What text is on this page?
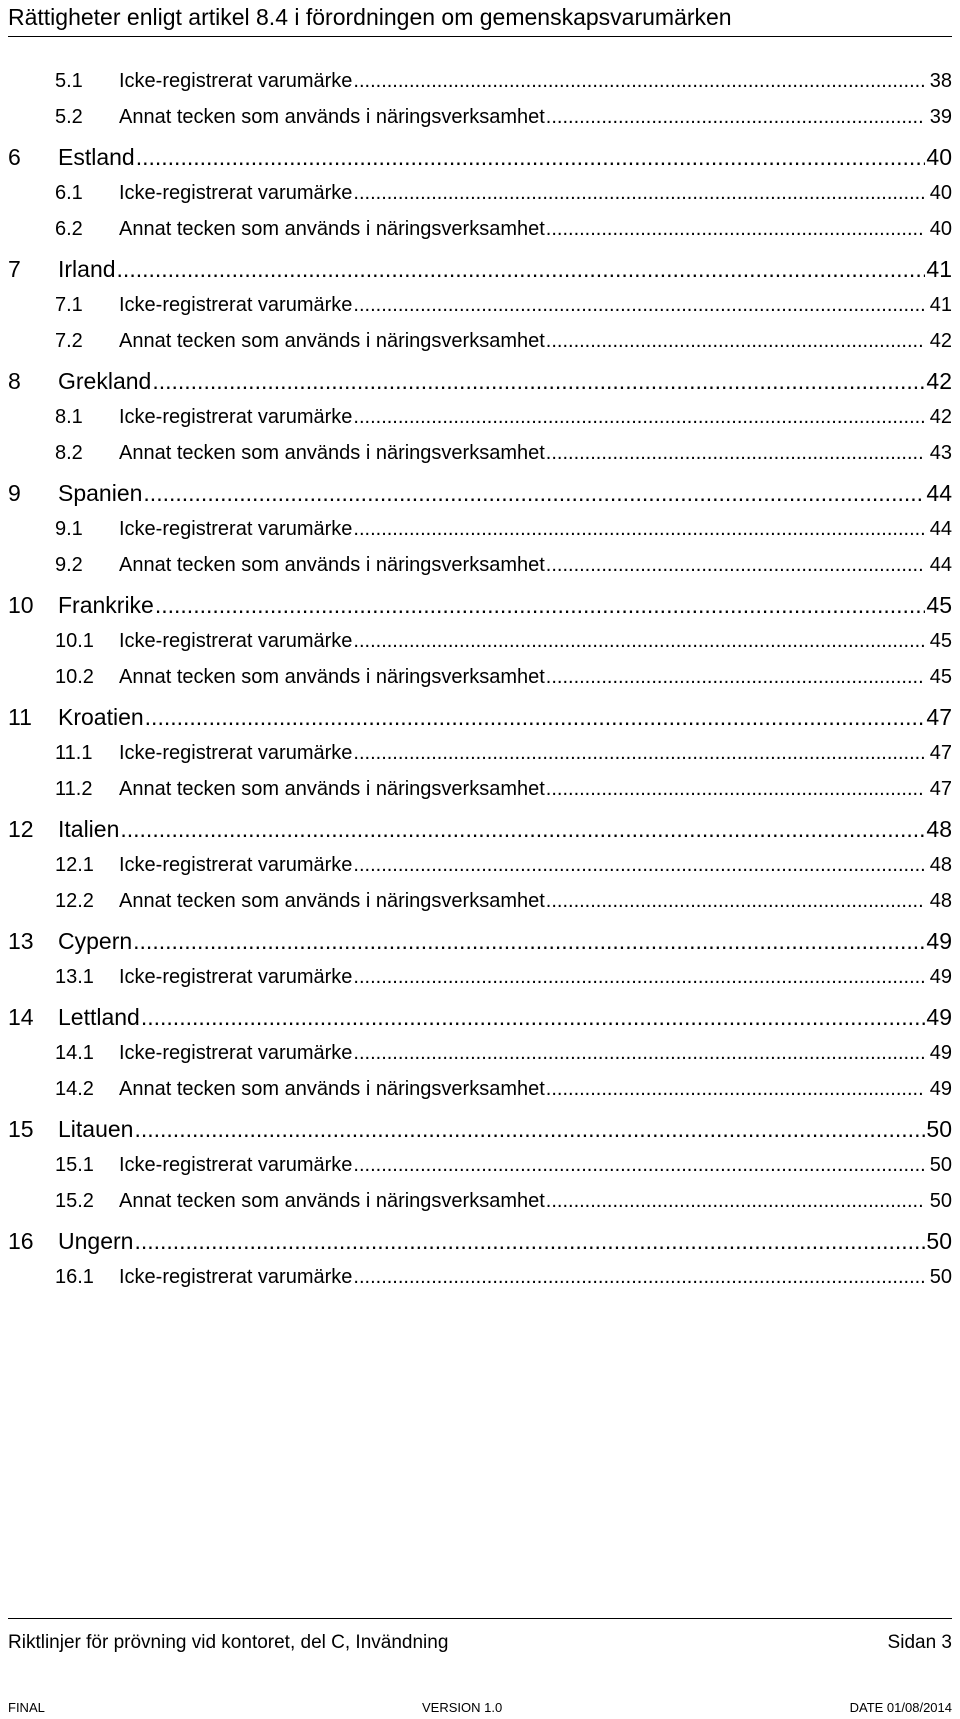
Rättigheter enligt artikel 8.4 i förordningen om gemenskapsvarumärken
5.1 Icke-registrerat varumärke .....	38
5.2 Annat tecken som används i näringsverksamhet .....	39
6 Estland .....	40
6.1 Icke-registrerat varumärke .....	40
6.2 Annat tecken som används i näringsverksamhet .....	40
7 Irland .....	41
7.1 Icke-registrerat varumärke .....	41
7.2 Annat tecken som används i näringsverksamhet .....	42
8 Grekland .....	42
8.1 Icke-registrerat varumärke .....	42
8.2 Annat tecken som används i näringsverksamhet .....	43
9 Spanien .....	44
9.1 Icke-registrerat varumärke .....	44
9.2 Annat tecken som används i näringsverksamhet .....	44
10 Frankrike .....	45
10.1 Icke-registrerat varumärke .....	45
10.2 Annat tecken som används i näringsverksamhet .....	45
11 Kroatien .....	47
11.1 Icke-registrerat varumärke .....	47
11.2 Annat tecken som används i näringsverksamhet .....	47
12 Italien .....	48
12.1 Icke-registrerat varumärke .....	48
12.2 Annat tecken som används i näringsverksamhet .....	48
13 Cypern .....	49
13.1 Icke-registrerat varumärke .....	49
14 Lettland .....	49
14.1 Icke-registrerat varumärke .....	49
14.2 Annat tecken som används i näringsverksamhet .....	49
15 Litauen .....	50
15.1 Icke-registrerat varumärke .....	50
15.2 Annat tecken som används i näringsverksamhet .....	50
16 Ungern .....	50
16.1 Icke-registrerat varumärke .....	50
Riktlinjer för prövning vid kontoret, del C, Invändning	Sidan 3
FINAL	VERSION 1.0	DATE 01/08/2014
